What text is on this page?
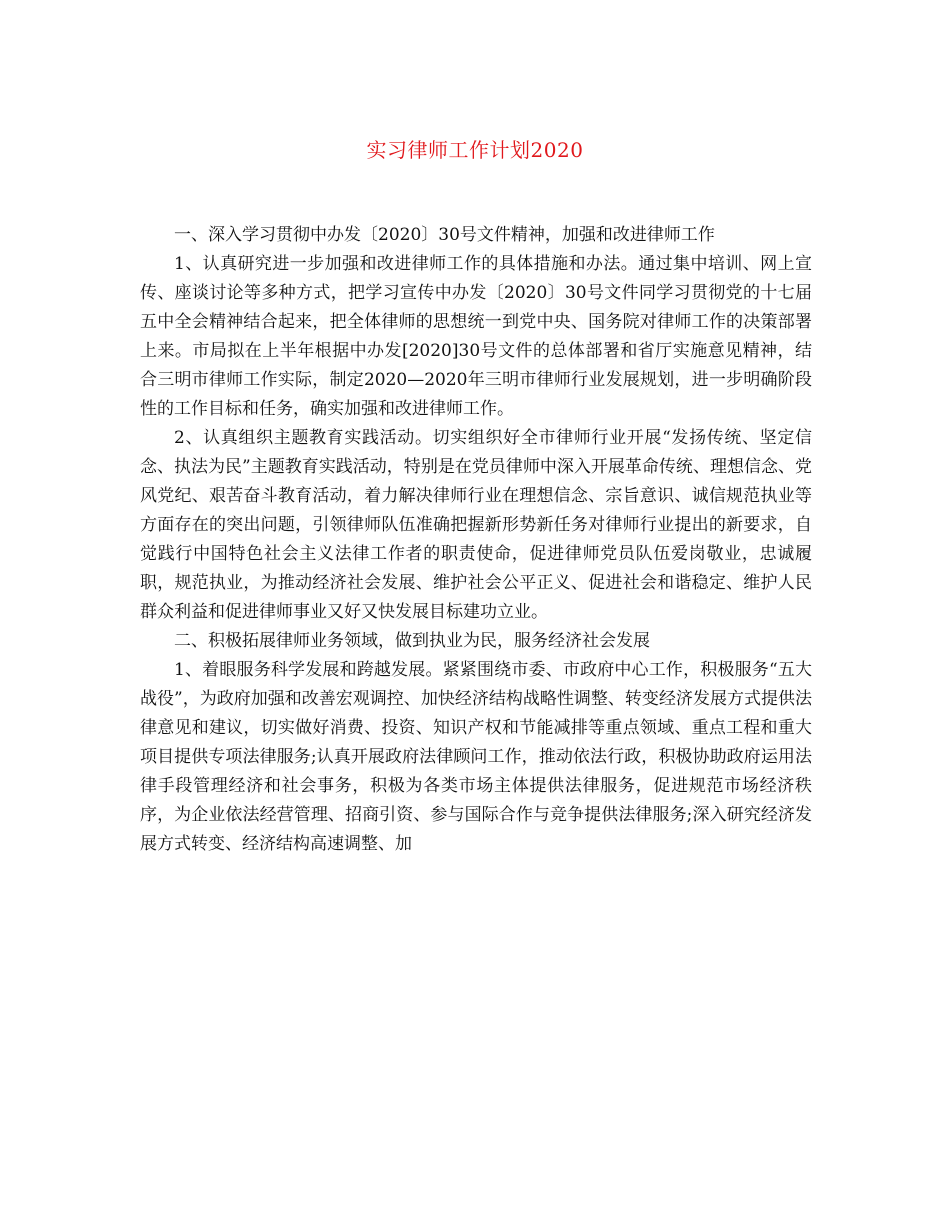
实习律师工作计划2020

一、深入学习贯彻中办发〔2020〕30号文件精神，加强和改进律师工作

1、认真研究进一步加强和改进律师工作的具体措施和办法。通过集中培训、网上宣传、座谈讨论等多种方式，把学习宣传中办发〔2020〕30号文件同学习贯彻党的十七届五中全会精神结合起来，把全体律师的思想统一到党中央、国务院对律师工作的决策部署上来。市局拟在上半年根据中办发[2020]30号文件的总体部署和省厅实施意见精神，结合三明市律师工作实际，制定2020—2020年三明市律师行业发展规划，进一步明确阶段性的工作目标和任务，确实加强和改进律师工作。

2、认真组织主题教育实践活动。切实组织好全市律师行业开展“发扬传统、坚定信念、执法为民”主题教育实践活动，特别是在党员律师中深入开展革命传统、理想信念、党风党纪、艰苦奋斗教育活动，着力解决律师行业在理想信念、宗旨意识、诚信规范执业等方面存在的突出问题，引领律师队伍准确把握新形势新任务对律师行业提出的新要求，自觉践行中国特色社会主义法律工作者的职责使命，促进律师党员队伍爱岗敬业，忠诚履职，规范执业，为推动经济社会发展、维护社会公平正义、促进社会和谐稳定、维护人民群众利益和促进律师事业又好又快发展目标建功立业。

二、积极拓展律师业务领域，做到执业为民，服务经济社会发展

1、着眼服务科学发展和跨越发展。紧紧围绕市委、市政府中心工作，积极服务“五大战役”，为政府加强和改善宏观调控、加快经济结构战略性调整、转变经济发展方式提供法律意见和建议，切实做好消费、投资、知识产权和节能减排等重点领域、重点工程和重大项目提供专项法律服务;认真开展政府法律顾问工作，推动依法行政，积极协助政府运用法律手段管理经济和社会事务，积极为各类市场主体提供法律服务，促进规范市场经济秩序，为企业依法经营管理、招商引资、参与国际合作与竞争提供法律服务;深入研究经济发展方式转变、经济结构高速调整、加
